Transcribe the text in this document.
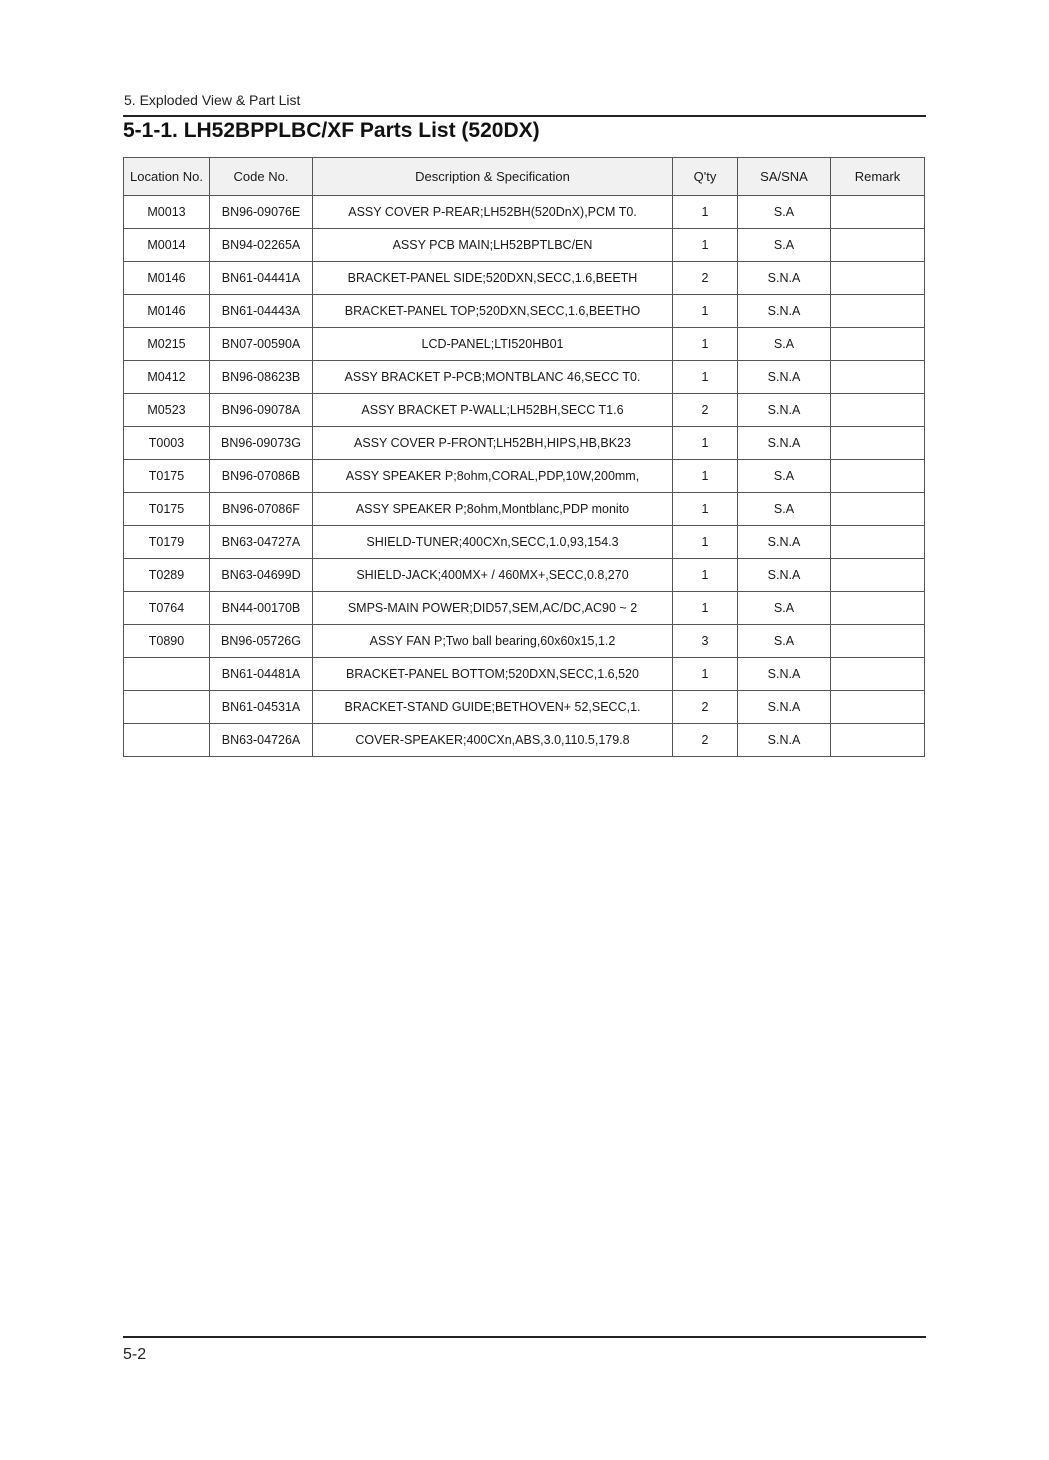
5. Exploded View & Part List
5-1-1. LH52BPPLBC/XF Parts List (520DX)
Location No.	Code No.	Description & Specification	Q'ty	SA/SNA	Remark
M0013	BN96-09076E	ASSY COVER P-REAR;LH52BH(520DnX),PCM T0.	1	S.A	
M0014	BN94-02265A	ASSY PCB MAIN;LH52BPTLBC/EN	1	S.A	
M0146	BN61-04441A	BRACKET-PANEL SIDE;520DXN,SECC,1.6,BEETH	2	S.N.A	
M0146	BN61-04443A	BRACKET-PANEL TOP;520DXN,SECC,1.6,BEETHO	1	S.N.A	
M0215	BN07-00590A	LCD-PANEL;LTI520HB01	1	S.A	
M0412	BN96-08623B	ASSY BRACKET P-PCB;MONTBLANC 46,SECC T0.	1	S.N.A	
M0523	BN96-09078A	ASSY BRACKET P-WALL;LH52BH,SECC T1.6	2	S.N.A	
T0003	BN96-09073G	ASSY COVER P-FRONT;LH52BH,HIPS,HB,BK23	1	S.N.A	
T0175	BN96-07086B	ASSY SPEAKER P;8ohm,CORAL,PDP,10W,200mm,	1	S.A	
T0175	BN96-07086F	ASSY SPEAKER P;8ohm,Montblanc,PDP monito	1	S.A	
T0179	BN63-04727A	SHIELD-TUNER;400CXn,SECC,1.0,93,154.3	1	S.N.A	
T0289	BN63-04699D	SHIELD-JACK;400MX+ / 460MX+,SECC,0.8,270	1	S.N.A	
T0764	BN44-00170B	SMPS-MAIN POWER;DID57,SEM,AC/DC,AC90 ~ 2	1	S.A	
T0890	BN96-05726G	ASSY FAN P;Two ball bearing,60x60x15,1.2	3	S.A	
	BN61-04481A	BRACKET-PANEL BOTTOM;520DXN,SECC,1.6,520	1	S.N.A	
	BN61-04531A	BRACKET-STAND GUIDE;BETHOVEN+ 52,SECC,1.	2	S.N.A	
	BN63-04726A	COVER-SPEAKER;400CXn,ABS,3.0,110.5,179.8	2	S.N.A	
5-2
